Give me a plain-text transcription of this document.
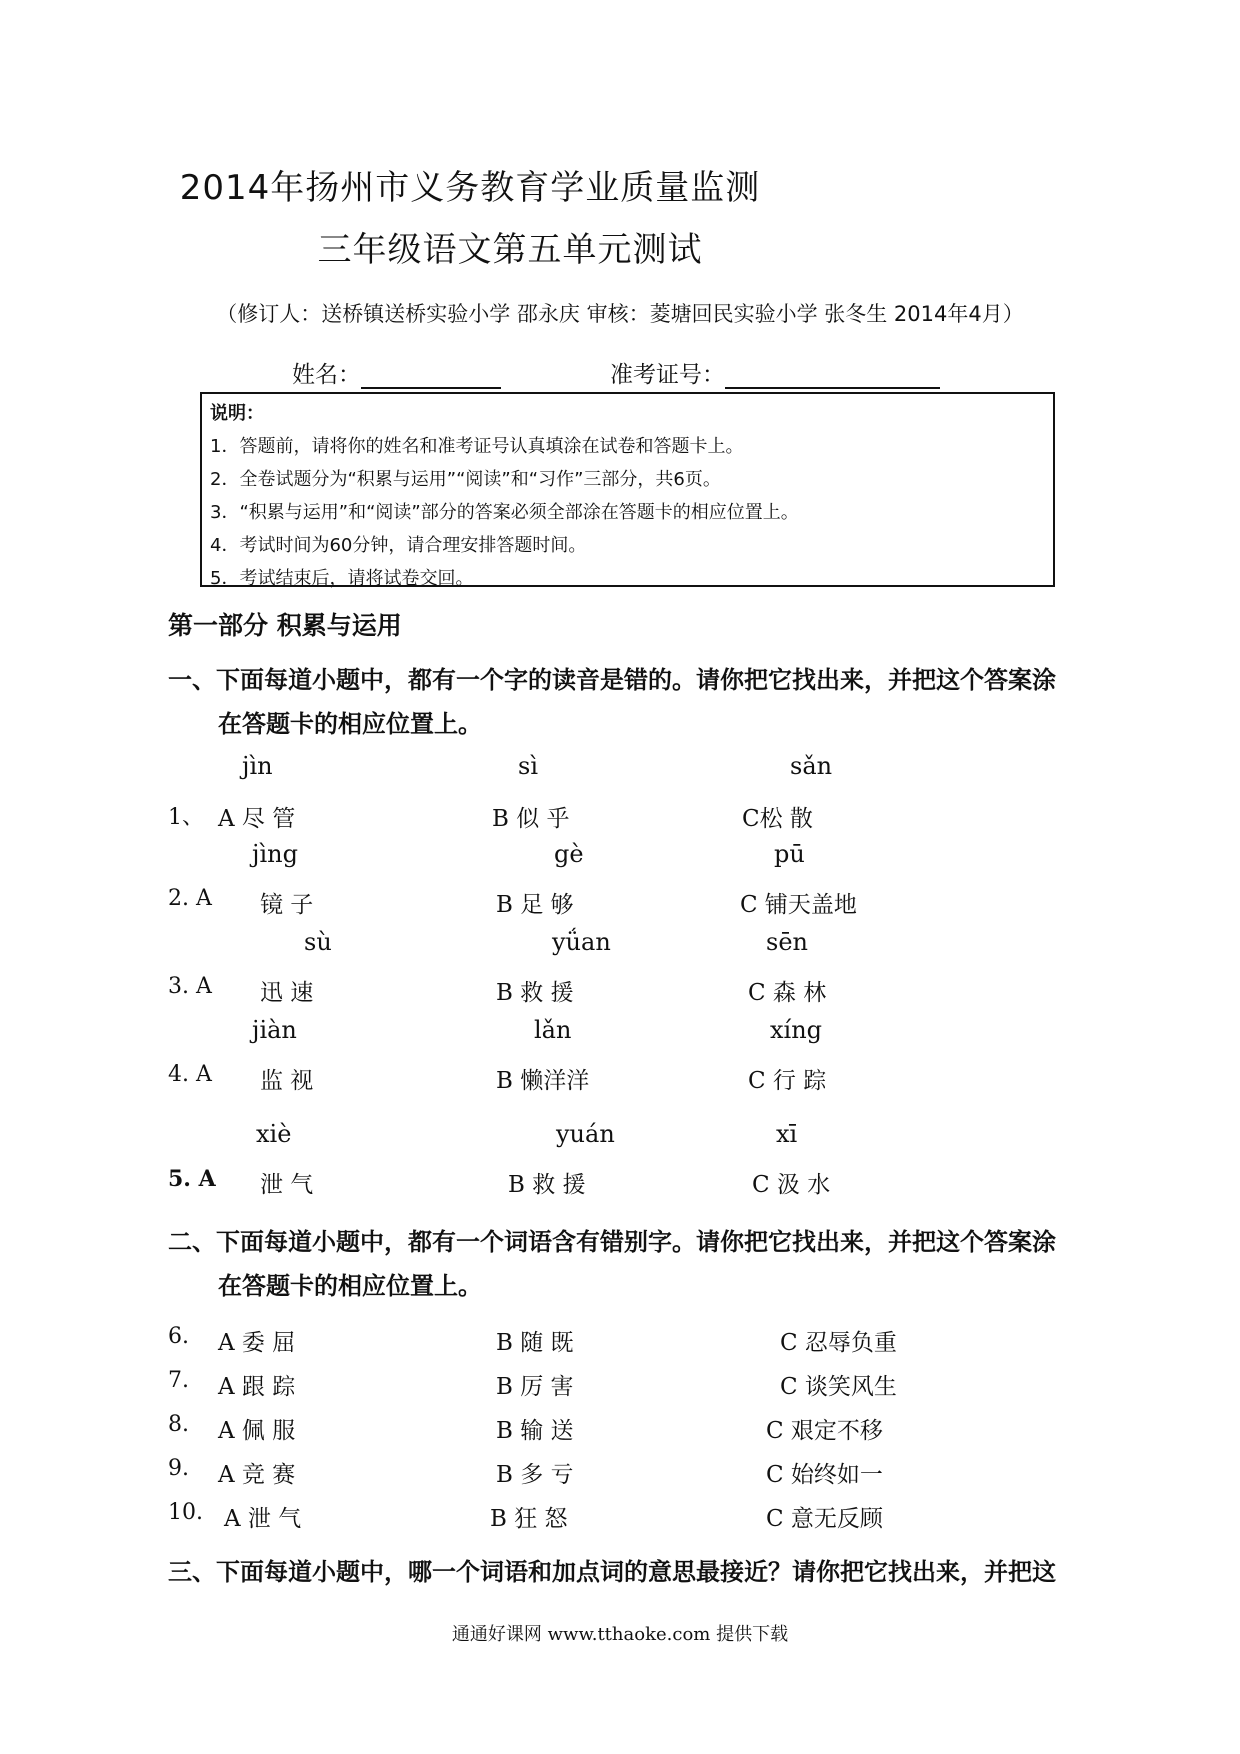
2014年扬州市义务教育学业质量监测
三年级语文第五单元测试
（修订人：送桥镇送桥实验小学 邵永庆 审核：菱塘回民实验小学 张冬生 2014年4月）
姓名：	准考证号：
说明：
1．答题前，请将你的姓名和准考证号认真填涂在试卷和答题卡上。
2．全卷试题分为“积累与运用”“阅读”和“习作”三部分，共6页。
3．“积累与运用”和“阅读”部分的答案必须全部涂在答题卡的相应位置上。
4．考试时间为60分钟，请合理安排答题时间。
5．考试结束后，请将试卷交回。
第一部分 积累与运用
一、下面每道小题中，都有一个字的读音是错的。请你把它找出来，并把这个答案涂
在答题卡的相应位置上。
jìn	sì	sǎn
1、 A 尽 管	B 似 乎	C松 散
jìng	gè	pū
2. A 镜 子	B 足 够	C 铺天盖地
sù	yǘan	sēn
3. A 迅 速	B 救 援	C 森 林
jiàn	lǎn	xíng
4. A 监 视	B 懒洋洋	C 行 踪
xiè	yuán	xī
5. A 泄 气	B 救 援	C 汲 水
二、下面每道小题中，都有一个词语含有错别字。请你把它找出来，并把这个答案涂
在答题卡的相应位置上。
6. A 委 屈	B 随 既	C 忍辱负重
7. A 跟 踪	B 厉 害	C 谈笑风生
8. A 佩 服	B 输 送	C 艰定不移
9. A 竞 赛	B 多 亏	C 始终如一
10. A 泄 气	B 狂 怒	C 意无反顾
三、下面每道小题中，哪一个词语和加点词的意思最接近？请你把它找出来，并把这
通通好课网 www.tthaoke.com 提供下载
